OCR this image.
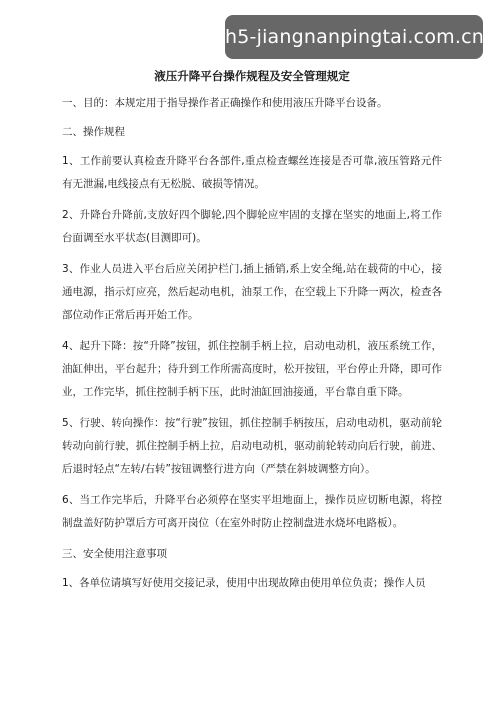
h5-jiangnanpingtai.com.cn
液压升降平台操作规程及安全管理规定

一、目的：本规定用于指导操作者正确操作和使用液压升降平台设备。

二、操作规程

1、工作前要认真检查升降平台各部件,重点检查螺丝连接是否可靠,液压管路元件有无泄漏,电线接点有无松脱、破损等情况。

2、升降台升降前,支放好四个脚轮,四个脚轮应牢固的支撑在坚实的地面上,将工作台面调至水平状态(目测即可)。

3、作业人员进入平台后应关闭护栏门,插上插销,系上安全绳,站在载荷的中心，接通电源，指示灯应亮，然后起动电机，油泵工作，在空载上下升降一两次，检查各部位动作正常后再开始工作。

4、起升下降：按“升降”按钮，抓住控制手柄上拉，启动电动机，液压系统工作，油缸伸出，平台起升；待升到工作所需高度时，松开按钮，平台停止升降，即可作业，工作完毕，抓住控制手柄下压，此时油缸回油接通，平台靠自重下降。

5、行驶、转向操作：按“行驶”按钮，抓住控制手柄按压，启动电动机，驱动前轮转动向前行驶，抓住控制手柄上拉，启动电动机，驱动前轮转动向后行驶，前进、后退时轻点“左转/右转”按钮调整行进方向（严禁在斜坡调整方向）。

6、当工作完毕后，升降平台必须停在坚实平坦地面上，操作员应切断电源，将控制盘盖好防护罩后方可离开岗位（在室外时防止控制盘进水烧坏电路板）。

三、安全使用注意事项

1、各单位请填写好使用交接记录，使用中出现故障由使用单位负责；操作人员
